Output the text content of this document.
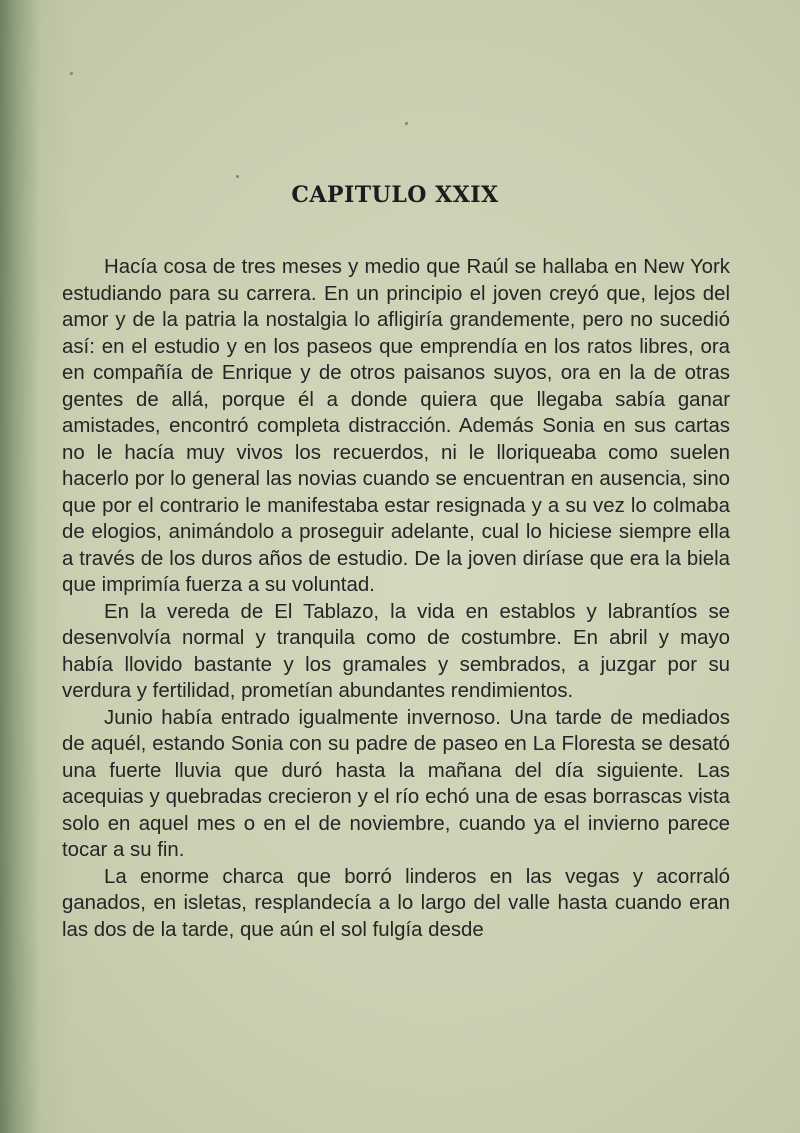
CAPITULO XXIX

Hacía cosa de tres meses y medio que Raúl se hallaba en New York estudiando para su carrera. En un principio el joven creyó que, lejos del amor y de la patria la nostalgia lo afligiría grandemente, pero no sucedió así: en el estudio y en los paseos que emprendía en los ratos libres, ora en compañía de Enrique y de otros paisanos suyos, ora en la de otras gentes de allá, porque él a donde quiera que llegaba sabía ganar amistades, encontró completa distracción. Además Sonia en sus cartas no le hacía muy vivos los recuerdos, ni le lloriqueaba como suelen hacerlo por lo general las novias cuando se encuentran en ausencia, sino que por el contrario le manifestaba estar resignada y a su vez lo colmaba de elogios, animándolo a proseguir adelante, cual lo hiciese siempre ella a través de los duros años de estudio. De la joven diríase que era la biela que imprimía fuerza a su voluntad.

En la vereda de El Tablazo, la vida en establos y labrantíos se desenvolvía normal y tranquila como de costumbre. En abril y mayo había llovido bastante y los gramales y sembrados, a juzgar por su verdura y fertilidad, prometían abundantes rendimientos.

Junio había entrado igualmente invernoso. Una tarde de mediados de aquél, estando Sonia con su padre de paseo en La Floresta se desató una fuerte lluvia que duró hasta la mañana del día siguiente. Las acequias y quebradas crecieron y el río echó una de esas borrascas vista solo en aquel mes o en el de noviembre, cuando ya el invierno parece tocar a su fin.

La enorme charca que borró linderos en las vegas y acorraló ganados, en isletas, resplandecía a lo largo del valle hasta cuando eran las dos de la tarde, que aún el sol fulgía desde
